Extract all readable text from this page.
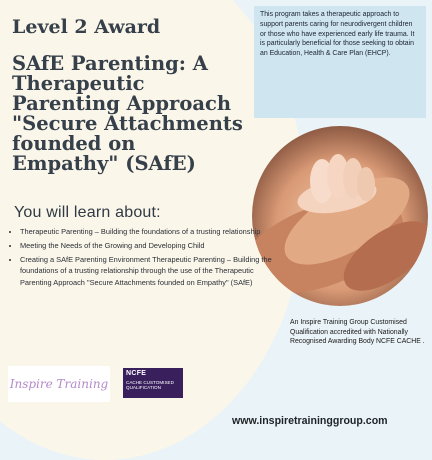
Level 2 Award
SAfE Parenting: A Therapeutic Parenting Approach "Secure Attachments founded on Empathy" (SAfE)
This program takes a therapeutic approach to support parents caring for neurodivergent children or those who have experienced early life trauma. It is particularly beneficial for those seeking to obtain an Education, Health & Care Plan (EHCP).
You will learn about:
• Therapeutic Parenting – Building the foundations of a trusting relationship
• Meeting the Needs of the Growing and Developing Child
• Creating a SAfE Parenting Environment Therapeutic Parenting – Building the foundations of a trusting relationship through the use of the Therapeutic Parenting Approach "Secure Attachments founded on Empathy" (SAfE)
An Inspire Training Group Customised Qualification accredited with Nationally Recognised Awarding Body NCFE CACHE .
Inspire Training
NCFE
CACHE CUSTOMISED QUALIFICATION
www.inspiretraininggroup.com
